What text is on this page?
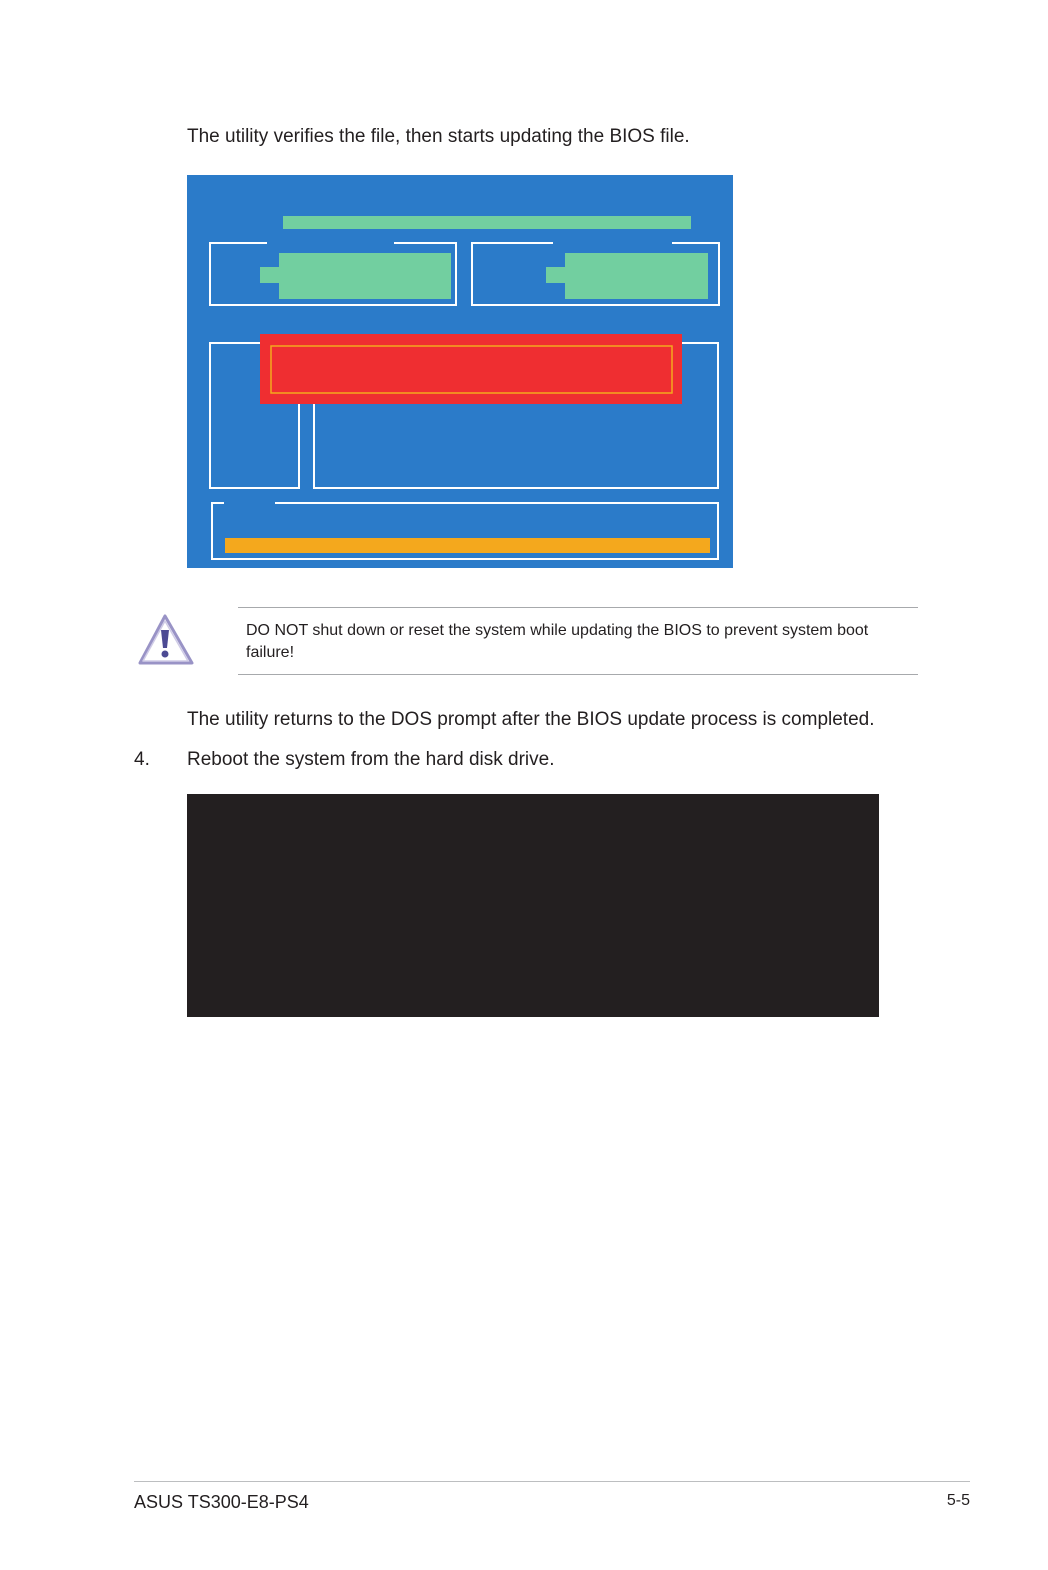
The utility verifies the file, then starts updating the BIOS file.
DO NOT shut down or reset the system while updating the BIOS to prevent system boot
failure!
The utility returns to the DOS prompt after the BIOS update process is completed.
4. Reboot the system from the hard disk drive.
ASUS TS300-E8-PS4	5-5
